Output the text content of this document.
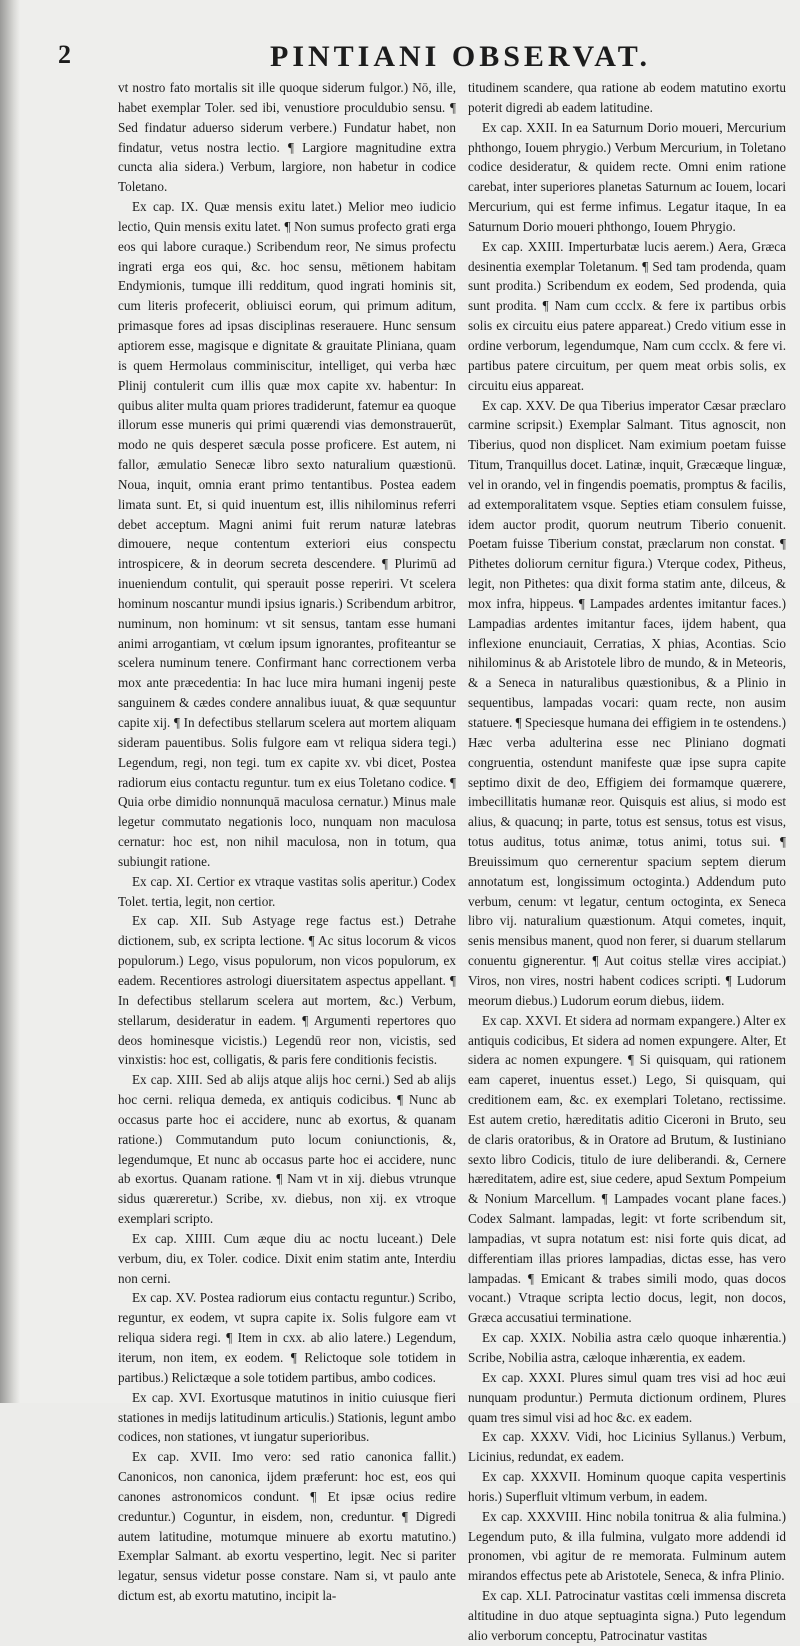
2	PINTIANI OBSERVAT.

vt nostro fato mortalis sit ille quoque siderum fulgor.) Nō, ille, habet exemplar Toler. sed ibi, venustiore proculdubio sensu. ¶ Sed findatur aduerso siderum verbere.) Fundatur habet, non findatur, vetus nostra lectio. ¶ Largiore magnitudine extra cuncta alia sidera.) Verbum, largiore, non habetur in codice Toletano.

Ex cap. IX. Quæ mensis exitu latet.) Melior meo iudicio lectio, Quin mensis exitu latet. ¶ Non sumus profecto grati erga eos qui labore curaque.) Scribendum reor, Ne simus profectu ingrati erga eos qui, &c. hoc sensu, mētionem habitam Endymionis, tumque illi redditum, quod ingrati hominis sit, cum literis profecerit, obliuisci eorum, qui primum aditum, primasque fores ad ipsas disciplinas reserauere. Hunc sensum aptiorem esse, magisque e dignitate & grauitate Pliniana, quam is quem Hermolaus comminiscitur, intelliget, qui verba hæc Plinij contulerit cum illis quæ mox capite xv. habentur: In quibus aliter multa quam priores tradiderunt, fatemur ea quoque illorum esse muneris qui primi quærendi vias demonstrauerūt, modo ne quis desperet sæcula posse proficere. Est autem, ni fallor, æmulatio Senecæ libro sexto naturalium quæstionū. Noua, inquit, omnia erant primo tentantibus. Postea eadem limata sunt. Et, si quid inuentum est, illis nihilominus referri debet acceptum. Magni animi fuit rerum naturæ latebras dimouere, neque contentum exteriori eius conspectu introspicere, & in deorum secreta descendere. ¶ Plurimū ad inueniendum contulit, qui sperauit posse reperiri. Vt scelera hominum noscantur mundi ipsius ignaris.) Scribendum arbitror, numinum, non hominum: vt sit sensus, tantam esse humani animi arrogantiam, vt cœlum ipsum ignorantes, profiteantur se scelera numinum tenere. Confirmant hanc correctionem verba mox ante præcedentia: In hac luce mira humani ingenij peste sanguinem & cædes condere annalibus iuuat, & quæ sequuntur capite xij. ¶ In defectibus stellarum scelera aut mortem aliquam sideram pauentibus. Solis fulgore eam vt reliqua sidera tegi.) Legendum, regi, non tegi. tum ex capite xv. vbi dicet, Postea radiorum eius contactu reguntur. tum ex eius Toletano codice. ¶ Quia orbe dimidio nonnunquā maculosa cernatur.) Minus male legetur commutato negationis loco, nunquam non maculosa cernatur: hoc est, non nihil maculosa, non in totum, qua subiungit ratione.

Ex cap. XI. Certior ex vtraque vastitas solis aperitur.) Codex Tolet. tertia, legit, non certior.

Ex cap. XII. Sub Astyage rege factus est.) Detrahe dictionem, sub, ex scripta lectione. ¶ Ac situs locorum & vicos populorum.) Lego, visus populorum, non vicos populorum, ex eadem. Recentiores astrologi diuersitatem aspectus appellant. ¶ In defectibus stellarum scelera aut mortem, &c.) Verbum, stellarum, desideratur in eadem. ¶ Argumenti repertores quo deos hominesque vicistis.) Legendū reor non, vicistis, sed vinxistis: hoc est, colligatis, & paris fere conditionis fecistis.

Ex cap. XIII. Sed ab alijs atque alijs hoc cerni.) Sed ab alijs hoc cerni. reliqua demeda, ex antiquis codicibus. ¶ Nunc ab occasus parte hoc ei accidere, nunc ab exortus, & quanam ratione.) Commutandum puto locum coniunctionis, &, legendumque, Et nunc ab occasus parte hoc ei accidere, nunc ab exortus. Quanam ratione. ¶ Nam vt in xij. diebus vtrunque sidus quæreretur.) Scribe, xv. diebus, non xij. ex vtroque exemplari scripto.

Ex cap. XIIII. Cum æque diu ac noctu luceant.) Dele verbum, diu, ex Toler. codice. Dixit enim statim ante, Interdiu non cerni.

Ex cap. XV. Postea radiorum eius contactu reguntur.) Scribo, reguntur, ex eodem, vt supra capite ix. Solis fulgore eam vt reliqua sidera regi. ¶ Item in cxx. ab alio latere.) Legendum, iterum, non item, ex eodem. ¶ Relictoque sole totidem in partibus.) Relictæque a sole totidem partibus, ambo codices.

Ex cap. XVI. Exortusque matutinos in initio cuiusque fieri stationes in medijs latitudinum articulis.) Stationis, legunt ambo codices, non stationes, vt iungatur superioribus.

Ex cap. XVII. Imo vero: sed ratio canonica fallit.) Canonicos, non canonica, ijdem præferunt: hoc est, eos qui canones astronomicos condunt. ¶ Et ipsæ ocius redire creduntur.) Coguntur, in eisdem, non, creduntur. ¶ Digredi autem latitudine, motumque minuere ab exortu matutino.) Exemplar Salmant. ab exortu vespertino, legit. Nec si pariter legatur, sensus videtur posse constare. Nam si, vt paulo ante dictum est, ab exortu matutino, incipit la-

titudinem scandere, qua ratione ab eodem matutino exortu poterit digredi ab eadem latitudine.

Ex cap. XXII. In ea Saturnum Dorio moueri, Mercurium phthongo, Iouem phrygio.) Verbum Mercurium, in Toletano codice desideratur, & quidem recte. Omni enim ratione carebat, inter superiores planetas Saturnum ac Iouem, locari Mercurium, qui est ferme infimus. Legatur itaque, In ea Saturnum Dorio moueri phthongo, Iouem Phrygio.

Ex cap. XXIII. Imperturbatæ lucis aerem.) Aera, Græca desinentia exemplar Toletanum. ¶ Sed tam prodenda, quam sunt prodita.) Scribendum ex eodem, Sed prodenda, quia sunt prodita. ¶ Nam cum ccclx. & fere ix partibus orbis solis ex circuitu eius patere appareat.) Credo vitium esse in ordine verborum, legendumque, Nam cum ccclx. & fere vi. partibus patere circuitum, per quem meat orbis solis, ex circuitu eius appareat.

Ex cap. XXV. De qua Tiberius imperator Cæsar præclaro carmine scripsit.) Exemplar Salmant. Titus agnoscit, non Tiberius, quod non displicet. Nam eximium poetam fuisse Titum, Tranquillus docet. Latinæ, inquit, Græcæque linguæ, vel in orando, vel in fingendis poematis, promptus & facilis, ad extemporalitatem vsque. Septies etiam consulem fuisse, idem auctor prodit, quorum neutrum Tiberio conuenit. Poetam fuisse Tiberium constat, præclarum non constat. ¶ Pithetes doliorum cernitur figura.) Vterque codex, Pitheus, legit, non Pithetes: qua dixit forma statim ante, dilceus, & mox infra, hippeus. ¶ Lampades ardentes imitantur faces.) Lampadias ardentes imitantur faces, ijdem habent, qua inflexione enunciauit, Cerratias, X phias, Acontias. Scio nihilominus & ab Aristotele libro de mundo, & in Meteoris, & a Seneca in naturalibus quæstionibus, & a Plinio in sequentibus, lampadas vocari: quam recte, non ausim statuere. ¶ Speciesque humana dei effigiem in te ostendens.) Hæc verba adulterina esse nec Pliniano dogmati congruentia, ostendunt manifeste quæ ipse supra capite septimo dixit de deo, Effigiem dei formamque quærere, imbecillitatis humanæ reor. Quisquis est alius, si modo est alius, & quacunq; in parte, totus est sensus, totus est visus, totus auditus, totus animæ, totus animi, totus sui. ¶ Breuissimum quo cernerentur spacium septem dierum annotatum est, longissimum octoginta.) Addendum puto verbum, cenum: vt legatur, centum octoginta, ex Seneca libro vij. naturalium quæstionum. Atqui cometes, inquit, senis mensibus manent, quod non ferer, si duarum stellarum conuentu gignerentur. ¶ Aut coitus stellæ vires accipiat.) Viros, non vires, nostri habent codices scripti. ¶ Ludorum meorum diebus.) Ludorum eorum diebus, iidem.

Ex cap. XXVI. Et sidera ad normam expangere.) Alter ex antiquis codicibus, Et sidera ad nomen expungere. Alter, Et sidera ac nomen expungere. ¶ Si quisquam, qui rationem eam caperet, inuentus esset.) Lego, Si quisquam, qui creditionem eam, &c. ex exemplari Toletano, rectissime. Est autem cretio, hæreditatis aditio Ciceroni in Bruto, seu de claris oratoribus, & in Oratore ad Brutum, & Iustiniano sexto libro Codicis, titulo de iure deliberandi. &, Cernere hæreditatem, adire est, siue cedere, apud Sextum Pompeium & Nonium Marcellum. ¶ Lampades vocant plane faces.) Codex Salmant. lampadas, legit: vt forte scribendum sit, lampadias, vt supra notatum est: nisi forte quis dicat, ad differentiam illas priores lampadias, dictas esse, has vero lampadas. ¶ Emicant & trabes simili modo, quas docos vocant.) Vtraque scripta lectio docus, legit, non docos, Græca accusatiui terminatione.

Ex cap. XXIX. Nobilia astra cælo quoque inhærentia.) Scribe, Nobilia astra, cæloque inhærentia, ex eadem.

Ex cap. XXXI. Plures simul quam tres visi ad hoc æui nunquam produntur.) Permuta dictionum ordinem, Plures quam tres simul visi ad hoc &c. ex eadem.

Ex cap. XXXV. Vidi, hoc Licinius Syllanus.) Verbum, Licinius, redundat, ex eadem.

Ex cap. XXXVII. Hominum quoque capita vespertinis horis.) Superfluit vltimum verbum, in eadem.

Ex cap. XXXVIII. Hinc nobila tonitrua & alia fulmina.) Legendum puto, & illa fulmina, vulgato more addendi id pronomen, vbi agitur de re memorata. Fulminum autem mirandos effectus pete ab Aristotele, Seneca, & infra Plinio.

Ex cap. XLI. Patrocinatur vastitas cœli immensa discreta altitudine in duo atque septuaginta signa.) Puto legendum alio verborum conceptu, Patrocinatur vastitas
